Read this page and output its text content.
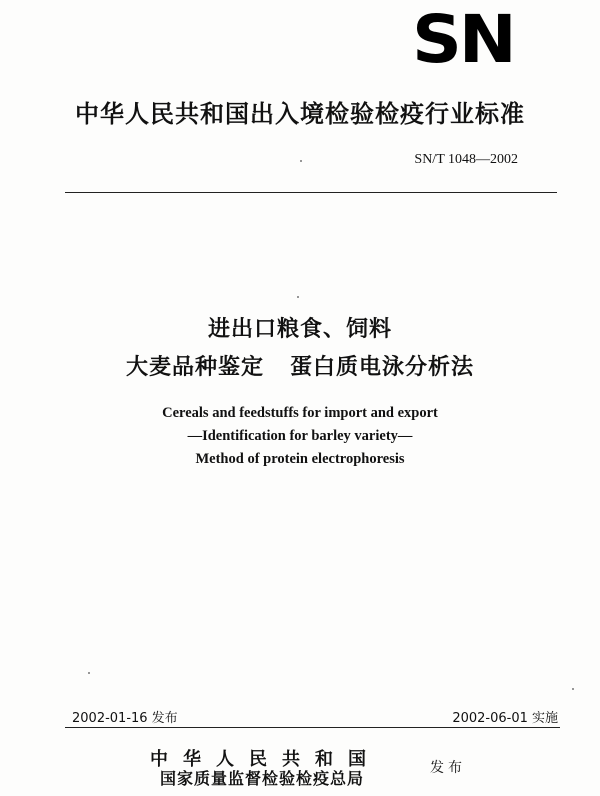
SN
中华人民共和国出入境检验检疫行业标准
SN/T 1048—2002
进出口粮食、饲料
大麦品种鉴定   蛋白质电泳分析法
Cereals and feedstuffs for import and export
—Identification for barley variety—
Method of protein electrophoresis
2002-01-16 发布	2002-06-01 实施
中华人民共和国
国家质量监督检验检疫总局
发布
